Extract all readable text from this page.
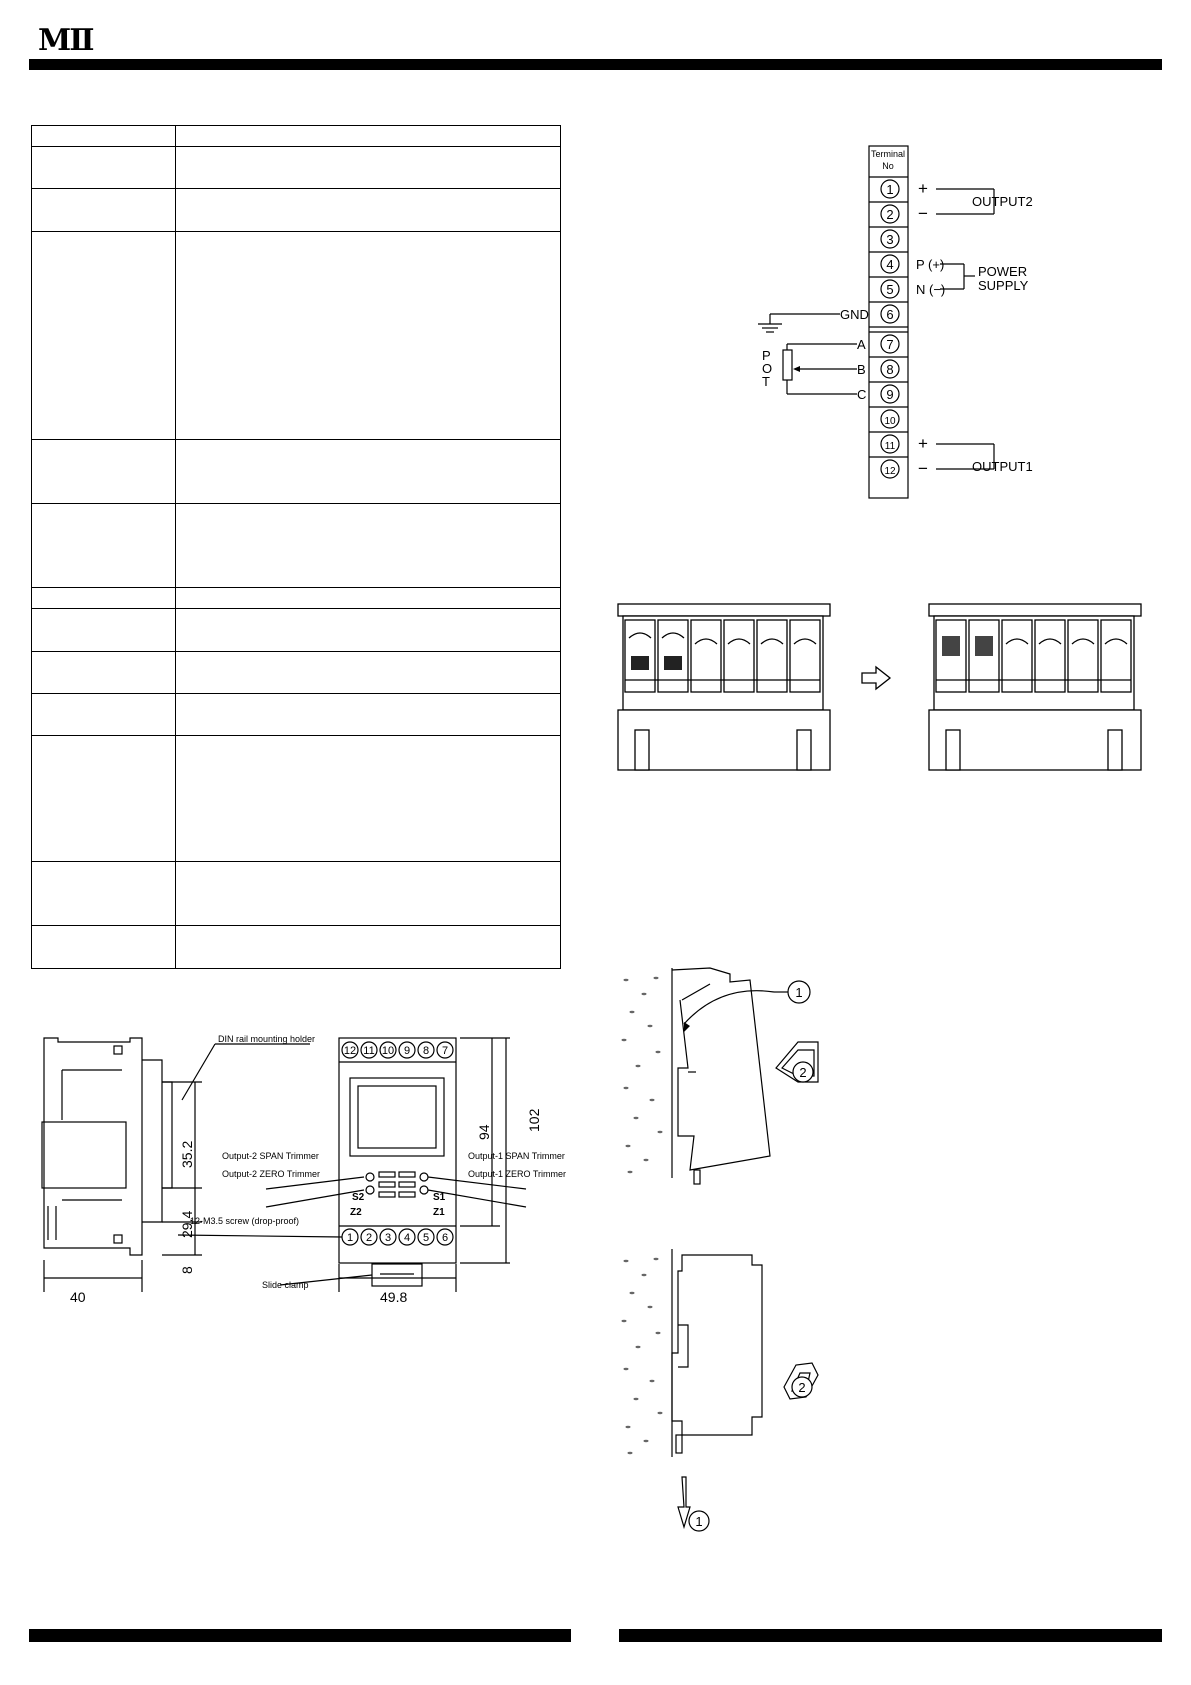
MⅡ

Terminal
No
1
2
3
4
5
6
7
8
9
10
11
12
+
−
OUTPUT2
P (+)
N (−)
POWER
SUPPLY
GND
P
O
T
A
B
C
+
−	OUTPUT1
12 11 10 9 8 7
1 2 3 4 5 6
DIN rail mounting holder
Output-2 SPAN Trimmer
Output-2 ZERO Trimmer
Output-1 SPAN Trimmer
Output-1 ZERO Trimmer
12-M3.5 screw (drop-proof)
Slide clamp
S2
Z2
S1
Z1
40	49.8
35.2
29.4
8
94
102
1
2
2
1
